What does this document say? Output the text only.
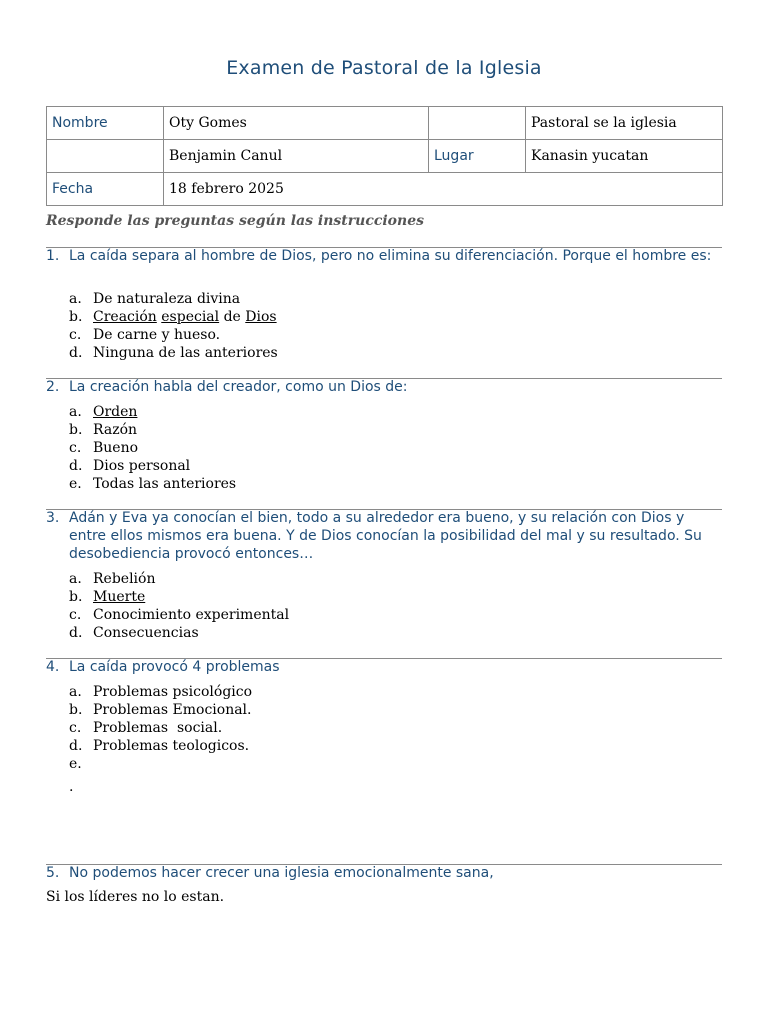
Examen de Pastoral de la Iglesia
Nombre	Oty Gomes		Pastoral se la iglesia
	Benjamin Canul	Lugar	Kanasin yucatan
Fecha	18 febrero 2025		
Responde las preguntas según las instrucciones
1. La caída separa al hombre de Dios, pero no elimina su diferenciación. Porque el hombre es:
a. De naturaleza divina
b. Creación especial de Dios
c. De carne y hueso.
d. Ninguna de las anteriores
2. La creación habla del creador, como un Dios de:
a. Orden
b. Razón
c. Bueno
d. Dios personal
e. Todas las anteriores
3. Adán y Eva ya conocían el bien, todo a su alrededor era bueno, y su relación con Dios y entre ellos mismos era buena. Y de Dios conocían la posibilidad del mal y su resultado. Su desobediencia provocó entonces…
a. Rebelión
b. Muerte
c. Conocimiento experimental
d. Consecuencias
4. La caída provocó 4 problemas
a. Problemas psicológico
b. Problemas Emocional.
c. Problemas  social.
d. Problemas teologicos.
e.
.
5. No podemos hacer crecer una iglesia emocionalmente sana,
Si los líderes no lo estan.
